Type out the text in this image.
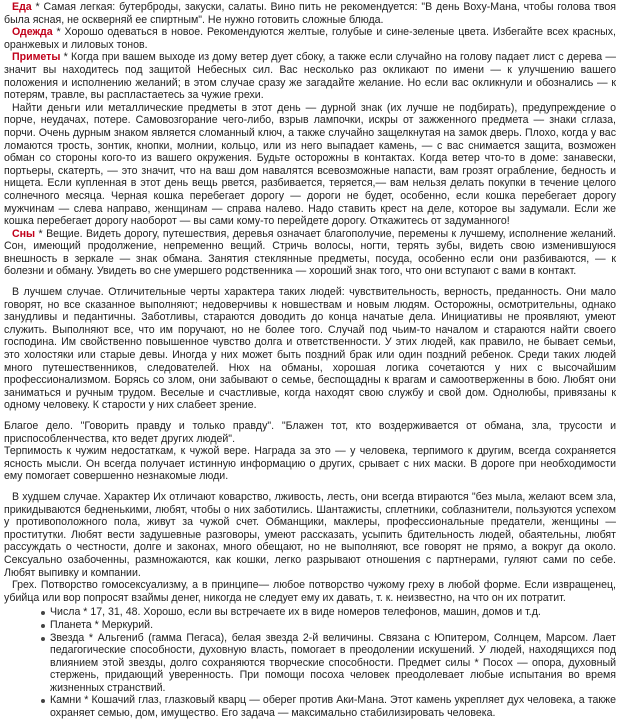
Еда * Самая легкая: бутерброды, закуски, салаты. Вино пить не рекомендуется: "В день Воху-Мана, чтобы голова твоя была ясная, не оскверняй ее спиртным". Не нужно готовить сложные блюда.

Одежда * Хорошо одеваться в новое. Рекомендуются желтые, голубые и сине-зеленые цвета. Избегайте всех красных, оранжевых и лиловых тонов.

Приметы * Когда при вашем выходе из дому ветер дует сбоку, а также если случайно на голову падает лист с дерева — значит вы находитесь под защитой Небесных сил. Вас несколько раз окликают по имени — к улучшению вашего положения и исполнению желаний; в этом случае сразу же загадайте желание. Но если вас окликнули и обознались — к потерям, травле, вы распластаетесь за чужие грехи.

Найти деньги или металлические предметы в этот день — дурной знак (их лучше не подбирать), предупреждение о порче, неудачах, потере. Самовозгорание чего-либо, взрыв лампочки, искры от зажженного предмета — знаки сглаза, порчи. Очень дурным знаком является сломанный ключ, а также случайно защелкнутая на замок дверь. Плохо, когда у вас ломаются трость, зонтик, кнопки, молнии, кольцо, или из него выпадает камень, — с вас снимается защита, возможен обман со стороны кого-то из вашего окружения. Будьте осторожны в контактах. Когда ветер что-то в доме: занавески, портьеры, скатерть, — это значит, что на ваш дом навалятся всевозможные напасти, вам грозят ограбление, бедность и нищета. Если купленная в этот день вещь рвется, разбивается, теряется,— вам нельзя делать покупки в течение целого солнечного месяца. Черная кошка перебегает дорогу — дороги не будет, особенно, если кошка перебегает дорогу мужчинам — слева направо, женщинам — справа налево. Надо ставить крест на деле, которое вы задумали. Если же кошка перебегает дорогу наоборот — вы сами кому-то перейдете дорогу. Откажитесь от задуманного!

Сны * Вещие. Видеть дорогу, путешествия, деревья означает благополучие, перемены к лучшему, исполнение желаний. Сон, имеющий продолжение, непременно вещий. Стричь волосы, ногти, терять зубы, видеть свою изменившуюся внешность в зеркале — знак обмана. Занятия стеклянные предметы, посуда, особенно если они разбиваются, — к болезни и обману. Увидеть во сне умершего родственника — хороший знак того, что они вступают с вами в контакт.

В лучшем случае. Отличительные черты характера таких людей: чувствительность, верность, преданность. Они мало говорят, но все сказанное выполняют; недоверчивы к новшествам и новым людям. Осторожны, осмотрительны, однако занудливы и педантичны. Заботливы, стараются доводить до конца начатые дела. Инициативы не проявляют, умеют служить. Выполняют все, что им поручают, но не более того. Случай под чьим-то началом и стараются найти своего господина. Им свойственно повышенное чувство долга и ответственности. У этих людей, как правило, не бывает семьи, это холостяки или старые девы. Иногда у них может быть поздний брак или один поздний ребенок. Среди таких людей много путешественников, следователей. Нюх на обманы, хорошая логика сочетаются у них с высочайшим профессионализмом. Борясь со злом, они забывают о семье, беспощадны к врагам и самоотверженны в бою. Любят они заниматься и ручным трудом. Веселые и счастливые, когда находят свою службу и свой дом. Однолюбы, привязаны к одному человеку. К старости у них слабеет зрение.

Благое дело. "Говорить правду и только правду". "Блажен тот, кто воздерживается от обмана, зла, трусости и приспособленчества, кто ведет других людей".

Терпимость к чужим недостаткам, к чужой вере. Награда за это — у человека, терпимого к другим, всегда сохраняется ясность мысли. Он всегда получает истинную информацию о других, срывает с них маски. В дороге при необходимости ему помогает совершенно незнакомые люди.

В худшем случае. Характер Их отличают коварство, лживость, лесть, они всегда втираются "без мыла, желают всем зла, прикидываются бедненькими, любят, чтобы о них заботились. Шантажисты, сплетники, соблазнители, пользуются успехом у противоположного пола, живут за чужой счет. Обманщики, маклеры, профессиональные предатели, женщины — проститутки. Любят вести задушевные разговоры, умеют рассказать, усыпить бдительность людей, обаятельны, любят рассуждать о честности, долге и законах, много обещают, но не выполняют, все говорят не прямо, а вокруг да около. Сексуально озабоченны, размножаются, как кошки, легко разрывают отношения с партнерами, гуляют сами по себе. Любят выпивку и компании.

Грех. Потворство гомосексуализму, а в принципе— любое потворство чужому греху в любой форме. Если извращенец, убийца или вор попросят взаймы денег, никогда не следует ему их давать, т. к. неизвестно, на что он их потратит.

Числа * 17, 31, 48. Хорошо, если вы встречаете их в виде номеров телефонов, машин, домов и т.д.
Планета * Меркурий.
Звезда * Альгениб (гамма Пегаса), белая звезда 2-й величины. Связана с Юпитером, Солнцем, Марсом. Лает педагогические способности, духовную власть, помогает в преодолении искушений. У людей, находящихся под влиянием этой звезды, долго сохраняются творческие способности. Предмет силы * Посох — опора, духовный стержень, придающий уверенность. При помощи посоха человек преодолевает любые испытания во время жизненных странствий.
Камни * Кошачий глаз, глазковый кварц — оберег против Аки-Мана. Этот камень укрепляет дух человека, а также охраняет семью, дом, имущество. Его задача — максимально стабилизировать человека.
